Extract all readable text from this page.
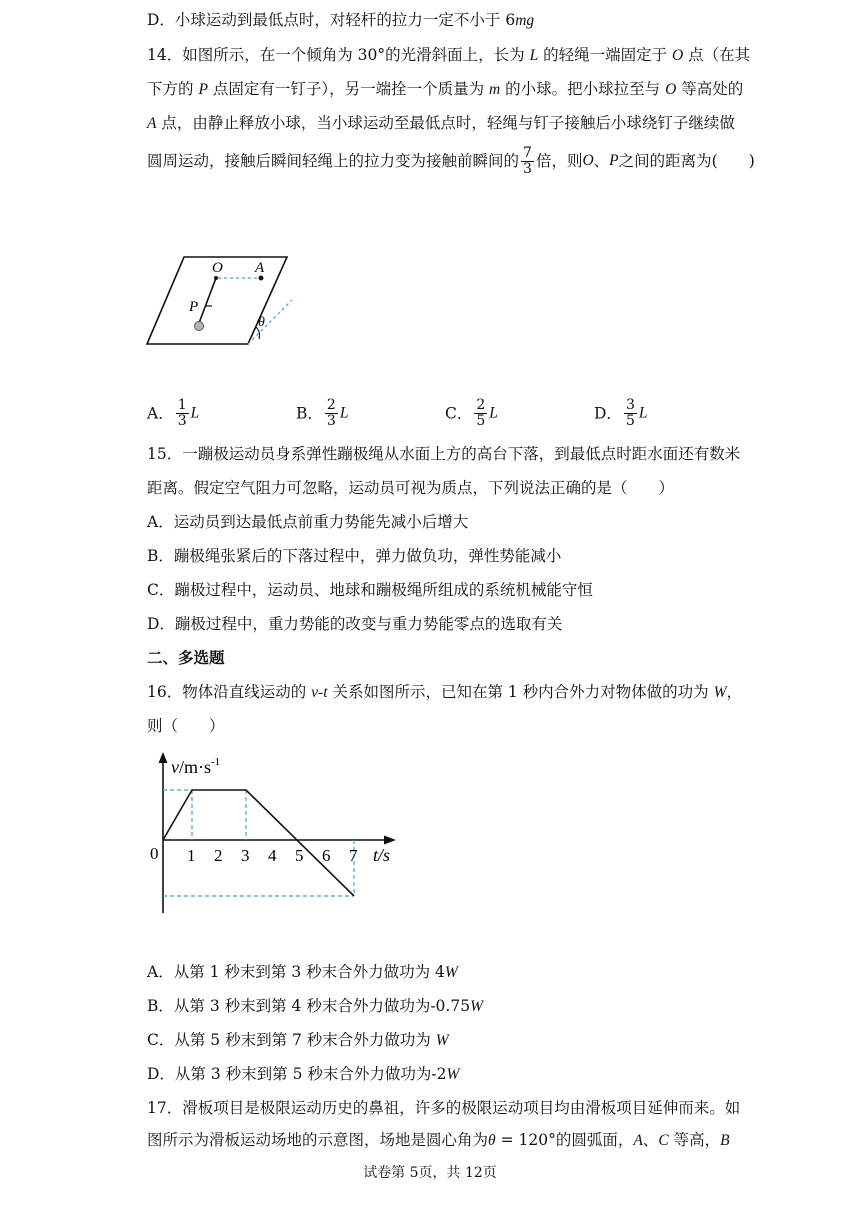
D．小球运动到最低点时，对轻杆的拉力一定不小于 6mg
14．如图所示，在一个倾角为 30°的光滑斜面上，长为 L 的轻绳一端固定于 O 点（在其
下方的 P 点固定有一钉子），另一端拴一个质量为 m 的小球。把小球拉至与 O 等高处的
A 点，由静止释放小球，当小球运动至最低点时，轻绳与钉子接触后小球绕钉子继续做
圆周运动，接触后瞬间轻绳上的拉力变为接触前瞬间的 $\frac{7}{3}$ 倍，则O、P之间的距离为(　　)
O A
P
θ
A． $\frac{1}{3}$ L	B． $\frac{2}{3}$ L	C． $\frac{2}{5}$ L	D． $\frac{3}{5}$ L
15．一蹦极运动员身系弹性蹦极绳从水面上方的高台下落，到最低点时距水面还有数米
距离。假定空气阻力可忽略，运动员可视为质点，下列说法正确的是（　　）
A．运动员到达最低点前重力势能先减小后增大
B．蹦极绳张紧后的下落过程中，弹力做负功，弹性势能减小
C．蹦极过程中，运动员、地球和蹦极绳所组成的系统机械能守恒
D．蹦极过程中，重力势能的改变与重力势能零点的选取有关
二、多选题
16．物体沿直线运动的 v-t 关系如图所示，已知在第 1 秒内合外力对物体做的功为 W，
则（　　）
$v/m\cdot s^{-1}$
t/s
0 1 2 3 4 5 6 7
A．从第 1 秒末到第 3 秒末合外力做功为 4W
B．从第 3 秒末到第 4 秒末合外力做功为-0.75W
C．从第 5 秒末到第 7 秒末合外力做功为 W
D．从第 3 秒末到第 5 秒末合外力做功为-2W
17．滑板项目是极限运动历史的鼻祖，许多的极限运动项目均由滑板项目延伸而来。如
图所示为滑板运动场地的示意图，场地是圆心角为θ = 120°的圆弧面，A、C 等高，B
试卷第 5页，共 12页
